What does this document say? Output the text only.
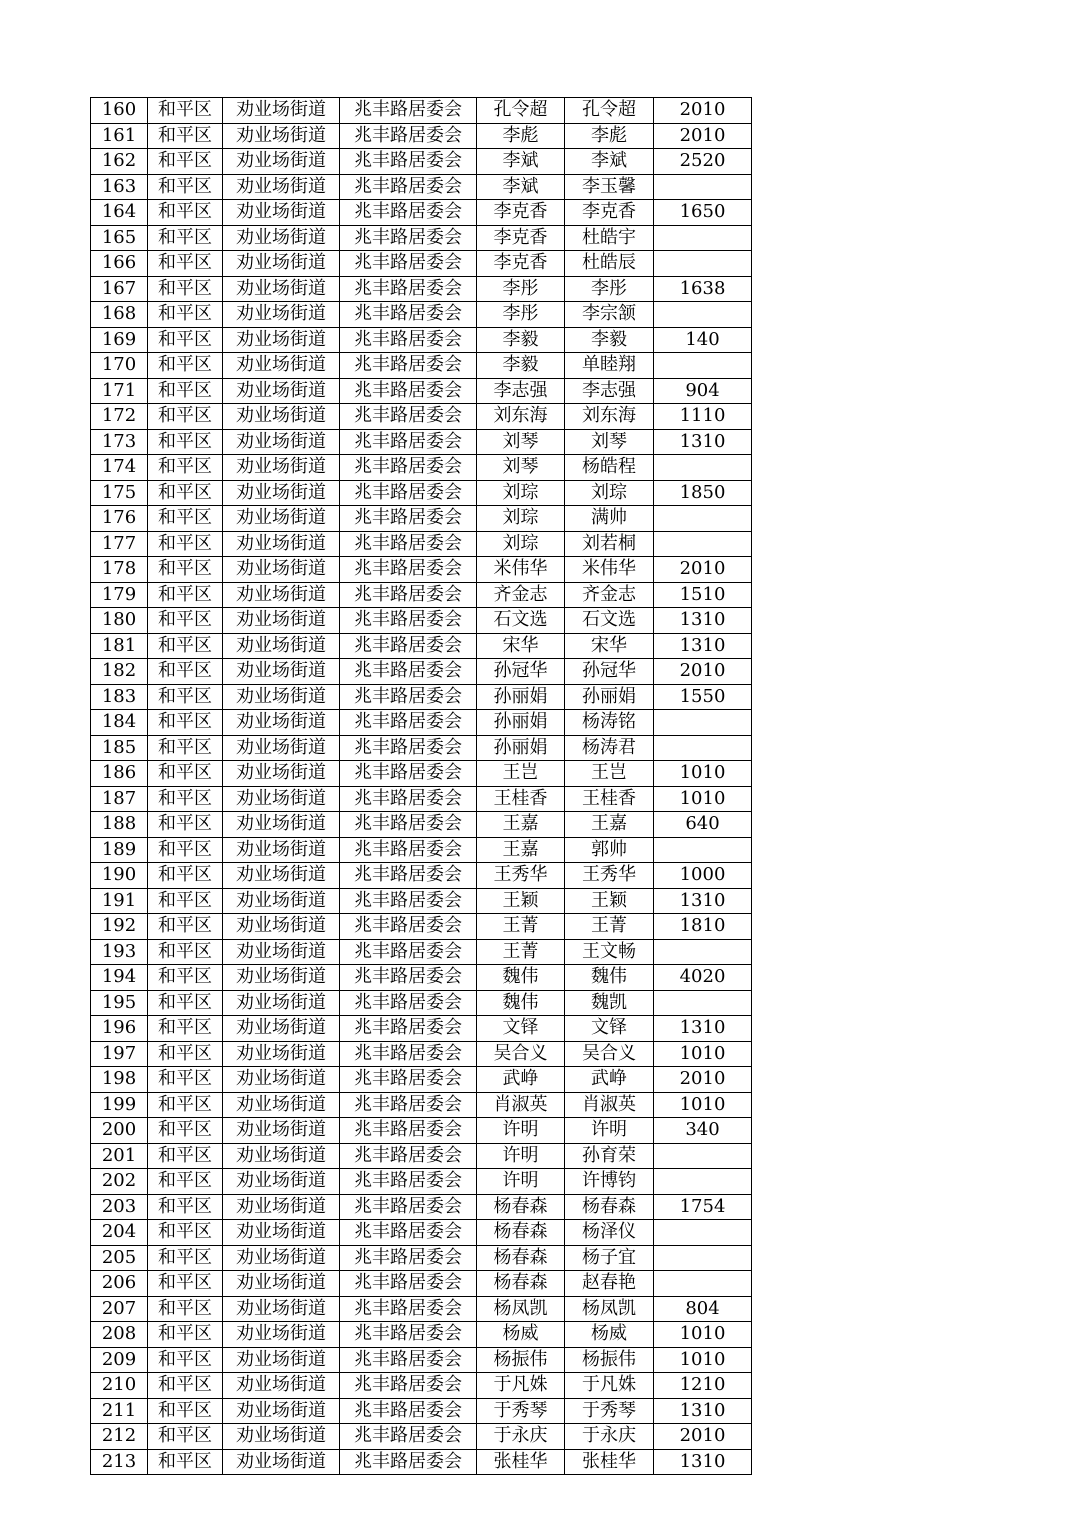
160	和平区	劝业场街道	兆丰路居委会	孔令超	孔令超	2010
161	和平区	劝业场街道	兆丰路居委会	李彪	李彪	2010
162	和平区	劝业场街道	兆丰路居委会	李斌	李斌	2520
163	和平区	劝业场街道	兆丰路居委会	李斌	李玉馨	
164	和平区	劝业场街道	兆丰路居委会	李克香	李克香	1650
165	和平区	劝业场街道	兆丰路居委会	李克香	杜皓宇	
166	和平区	劝业场街道	兆丰路居委会	李克香	杜皓辰	
167	和平区	劝业场街道	兆丰路居委会	李彤	李彤	1638
168	和平区	劝业场街道	兆丰路居委会	李彤	李宗颔	
169	和平区	劝业场街道	兆丰路居委会	李毅	李毅	140
170	和平区	劝业场街道	兆丰路居委会	李毅	单睦翔	
171	和平区	劝业场街道	兆丰路居委会	李志强	李志强	904
172	和平区	劝业场街道	兆丰路居委会	刘东海	刘东海	1110
173	和平区	劝业场街道	兆丰路居委会	刘琴	刘琴	1310
174	和平区	劝业场街道	兆丰路居委会	刘琴	杨皓程	
175	和平区	劝业场街道	兆丰路居委会	刘琮	刘琮	1850
176	和平区	劝业场街道	兆丰路居委会	刘琮	满帅	
177	和平区	劝业场街道	兆丰路居委会	刘琮	刘若桐	
178	和平区	劝业场街道	兆丰路居委会	米伟华	米伟华	2010
179	和平区	劝业场街道	兆丰路居委会	齐金志	齐金志	1510
180	和平区	劝业场街道	兆丰路居委会	石文选	石文选	1310
181	和平区	劝业场街道	兆丰路居委会	宋华	宋华	1310
182	和平区	劝业场街道	兆丰路居委会	孙冠华	孙冠华	2010
183	和平区	劝业场街道	兆丰路居委会	孙丽娟	孙丽娟	1550
184	和平区	劝业场街道	兆丰路居委会	孙丽娟	杨涛铭	
185	和平区	劝业场街道	兆丰路居委会	孙丽娟	杨涛君	
186	和平区	劝业场街道	兆丰路居委会	王岂	王岂	1010
187	和平区	劝业场街道	兆丰路居委会	王桂香	王桂香	1010
188	和平区	劝业场街道	兆丰路居委会	王嘉	王嘉	640
189	和平区	劝业场街道	兆丰路居委会	王嘉	郭帅	
190	和平区	劝业场街道	兆丰路居委会	王秀华	王秀华	1000
191	和平区	劝业场街道	兆丰路居委会	王颖	王颖	1310
192	和平区	劝业场街道	兆丰路居委会	王菁	王菁	1810
193	和平区	劝业场街道	兆丰路居委会	王菁	王文畅	
194	和平区	劝业场街道	兆丰路居委会	魏伟	魏伟	4020
195	和平区	劝业场街道	兆丰路居委会	魏伟	魏凯	
196	和平区	劝业场街道	兆丰路居委会	文铎	文铎	1310
197	和平区	劝业场街道	兆丰路居委会	吴合义	吴合义	1010
198	和平区	劝业场街道	兆丰路居委会	武峥	武峥	2010
199	和平区	劝业场街道	兆丰路居委会	肖淑英	肖淑英	1010
200	和平区	劝业场街道	兆丰路居委会	许明	许明	340
201	和平区	劝业场街道	兆丰路居委会	许明	孙育荣	
202	和平区	劝业场街道	兆丰路居委会	许明	许博钧	
203	和平区	劝业场街道	兆丰路居委会	杨春森	杨春森	1754
204	和平区	劝业场街道	兆丰路居委会	杨春森	杨泽仪	
205	和平区	劝业场街道	兆丰路居委会	杨春森	杨子宜	
206	和平区	劝业场街道	兆丰路居委会	杨春森	赵春艳	
207	和平区	劝业场街道	兆丰路居委会	杨凤凯	杨凤凯	804
208	和平区	劝业场街道	兆丰路居委会	杨威	杨威	1010
209	和平区	劝业场街道	兆丰路居委会	杨振伟	杨振伟	1010
210	和平区	劝业场街道	兆丰路居委会	于凡姝	于凡姝	1210
211	和平区	劝业场街道	兆丰路居委会	于秀琴	于秀琴	1310
212	和平区	劝业场街道	兆丰路居委会	于永庆	于永庆	2010
213	和平区	劝业场街道	兆丰路居委会	张桂华	张桂华	1310
